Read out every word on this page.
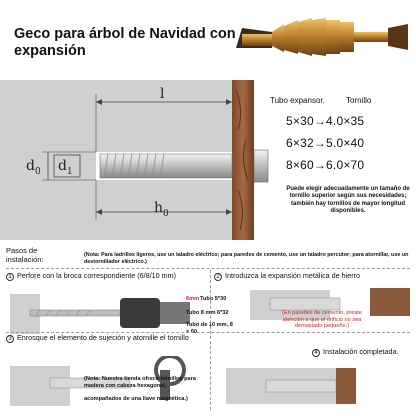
Geco para árbol de Navidad con expansión
l
$d_0$ $d_1$
$h_0$
Tubo expansor.	Tornillo
5×30→4.0×35
6×32→5.0×40
8×60→6.0×70
Puede elegir adecuadamente un tamaño de tornillo superior según sus necesidades; también hay tornillos de mayor longitud disponibles.
Pasos de instalación:	(Nota: Para ladrillos ligeros, use un taladro eléctrico; para paredes de cemento, use un taladro percutor; para atornillar, use un destornillador eléctrico.)
1 Perfore con la broca correspondiente (6/8/10 mm)	2 Introduzca la expansión metálica de hierro
6mm Tubo 5*30
Tubo 8 mm 6*32
Tubo de 10 mm, 8 × 60
(En paredes de cemento, preste atención a que el orificio no sea demasiado pequeño.)
3 Enrosque el elemento de sujeción y atornille el tornillo
(Nota: Nuestra tienda ofrece tornillos para madera con cabeza hexagonal,
acompañados de una llave magnética.)
4 Instalación completada.
